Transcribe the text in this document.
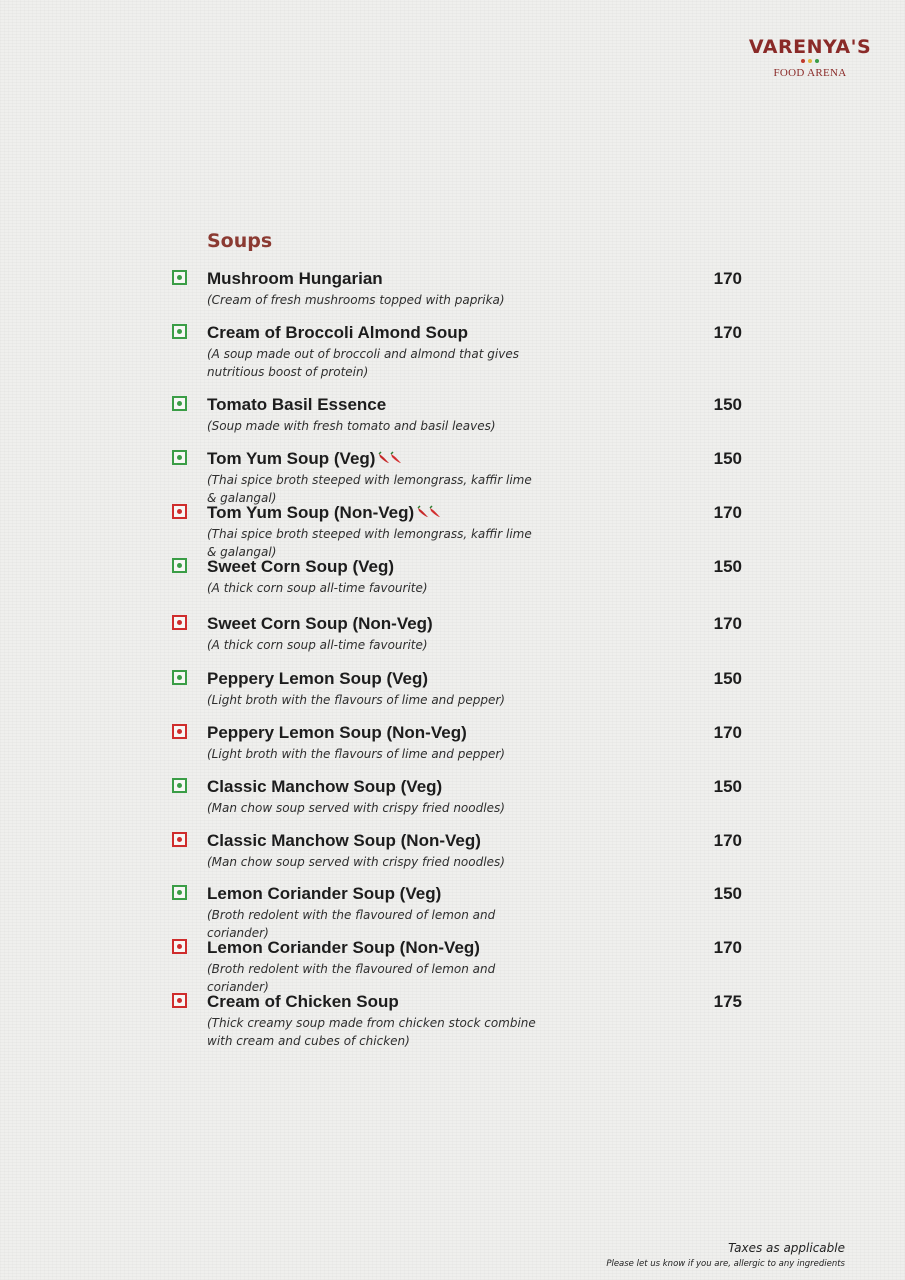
VARENYA'S
FOOD ARENA
Soups
Mushroom Hungarian
(Cream of fresh mushrooms topped with paprika)
170
Cream of Broccoli Almond Soup
(A soup made out of broccoli and almond that gives nutritious boost of protein)
170
Tomato Basil Essence
(Soup made with fresh tomato and basil leaves)
150
Tom Yum Soup (Veg)
(Thai spice broth steeped with lemongrass, kaffir lime & galangal)
150
Tom Yum Soup (Non-Veg)
(Thai spice broth steeped with lemongrass, kaffir lime & galangal)
170
Sweet Corn Soup (Veg)
(A thick corn soup all-time favourite)
150
Sweet Corn Soup (Non-Veg)
(A thick corn soup all-time favourite)
170
Peppery Lemon Soup (Veg)
(Light broth with the flavours of lime and pepper)
150
Peppery Lemon Soup (Non-Veg)
(Light broth with the flavours of lime and pepper)
170
Classic Manchow Soup (Veg)
(Man chow soup served with crispy fried noodles)
150
Classic Manchow Soup (Non-Veg)
(Man chow soup served with crispy fried noodles)
170
Lemon Coriander Soup (Veg)
(Broth redolent with the flavoured of lemon and coriander)
150
Lemon Coriander Soup (Non-Veg)
(Broth redolent with the flavoured of lemon and coriander)
170
Cream of Chicken Soup
(Thick creamy soup made from chicken stock combine with cream and cubes of chicken)
175
Taxes as applicable
Please let us know if you are, allergic to any ingredients
